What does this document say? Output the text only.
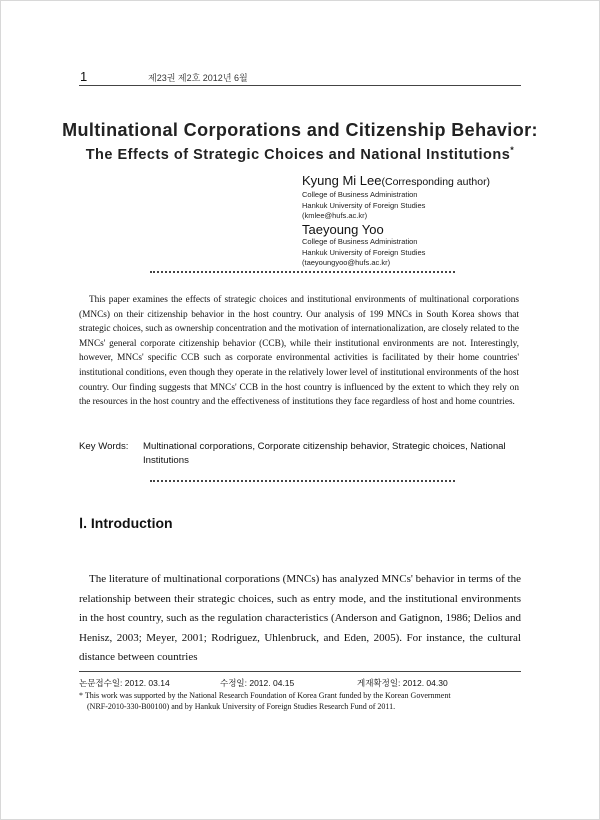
1	제23권 제2호 2012년 6월
Multinational Corporations and Citizenship Behavior:
The Effects of Strategic Choices and National Institutions*
Kyung Mi Lee(Corresponding author)
College of Business Administration
Hankuk University of Foreign Studies
(kmlee@hufs.ac.kr)
Taeyoung Yoo
College of Business Administration
Hankuk University of Foreign Studies
(taeyoungyoo@hufs.ac.kr)
This paper examines the effects of strategic choices and institutional environments of multinational corporations (MNCs) on their citizenship behavior in the host country. Our analysis of 199 MNCs in South Korea shows that strategic choices, such as ownership concentration and the motivation of internationalization, are closely related to the MNCs' general corporate citizenship behavior (CCB), while their institutional environments are not. Interestingly, however, MNCs' specific CCB such as corporate environmental activities is facilitated by their home countries' institutional conditions, even though they operate in the relatively lower level of institutional environments of the host country. Our finding suggests that MNCs' CCB in the host country is influenced by the extent to which they rely on the resources in the host country and the effectiveness of institutions they face regardless of host and home countries.
Key Words: Multinational corporations, Corporate citizenship behavior, Strategic choices, National Institutions
Ⅰ. Introduction
The literature of multinational corporations (MNCs) has analyzed MNCs' behavior in terms of the relationship between their strategic choices, such as entry mode, and the institutional environments in the host country, such as the regulation characteristics (Anderson and Gatignon, 1986; Delios and Henisz, 2003; Meyer, 2001; Rodriguez, Uhlenbruck, and Eden, 2005). For instance, the cultural distance between countries
논문접수일: 2012. 03.14	수정일: 2012. 04.15	게재확정일: 2012. 04.30
* This work was supported by the National Research Foundation of Korea Grant funded by the Korean Government
(NRF-2010-330-B00100) and by Hankuk University of Foreign Studies Research Fund of 2011.
